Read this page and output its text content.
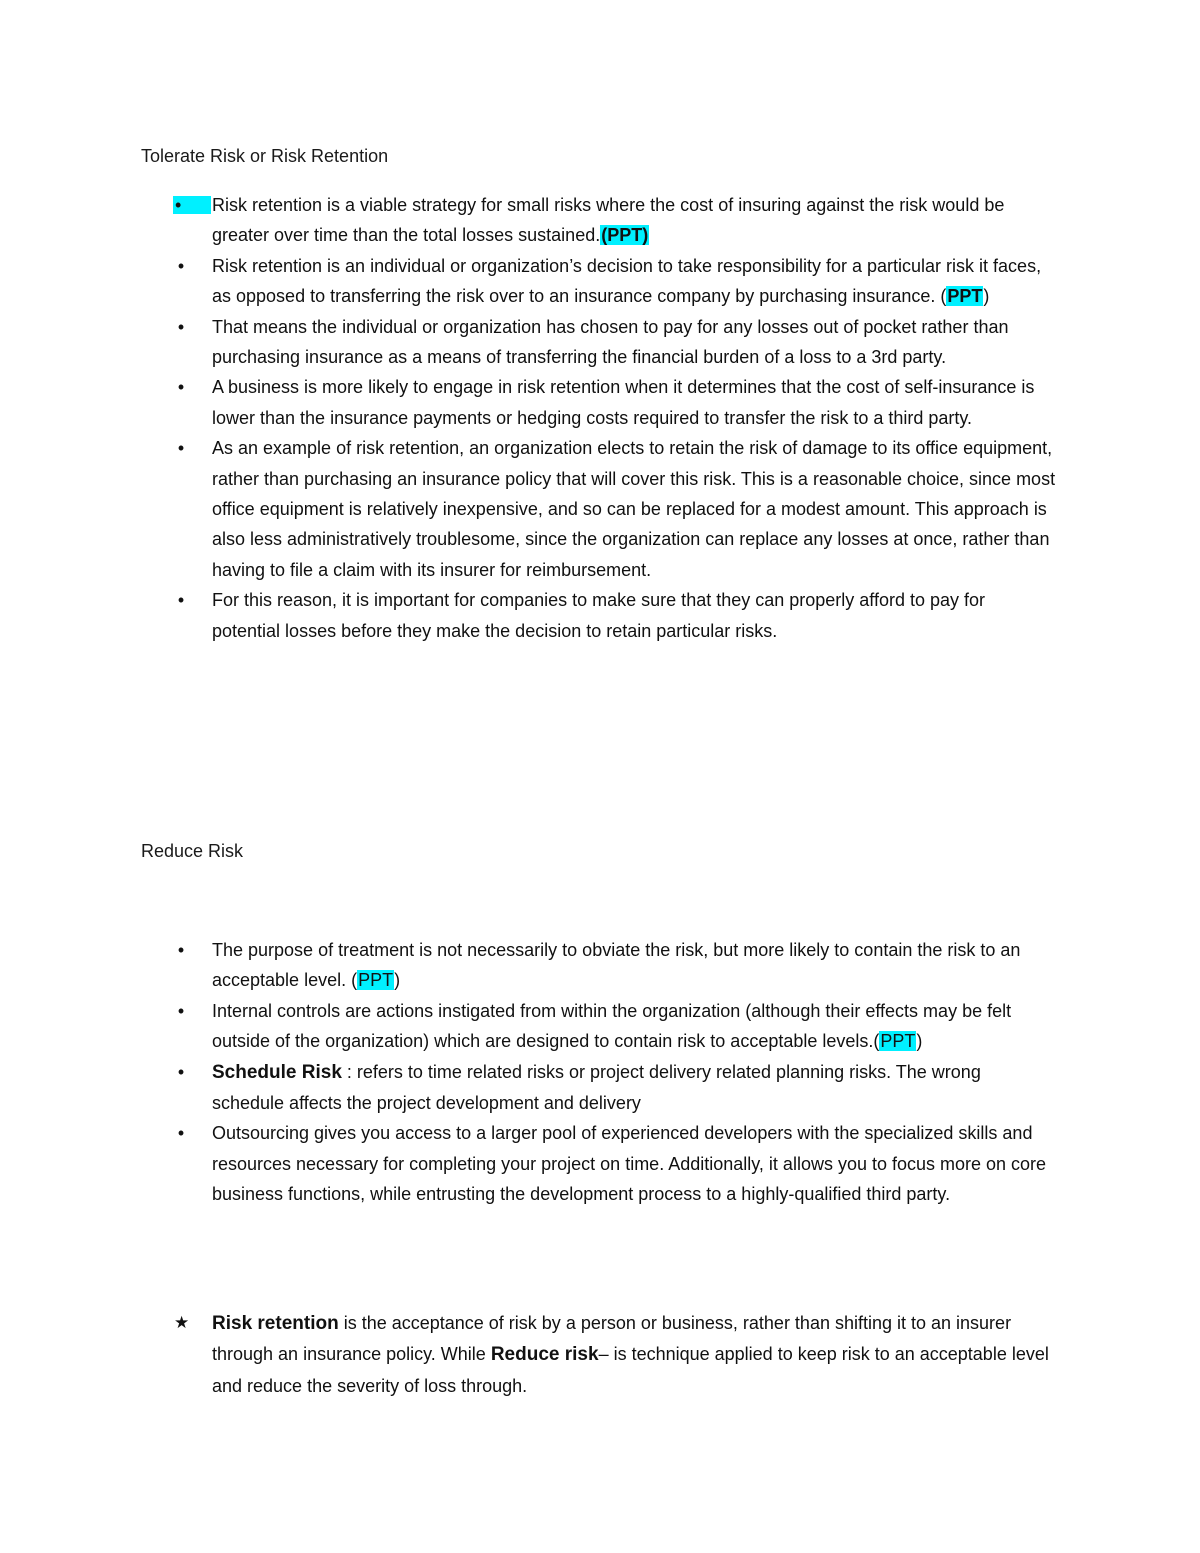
Tolerate Risk or Risk Retention
•	Risk retention is a viable strategy for small risks where the cost of insuring against the risk would be greater over time than the total losses sustained.(PPT)
• Risk retention is an individual or organization’s decision to take responsibility for a particular risk it faces, as opposed to transferring the risk over to an insurance company by purchasing insurance. (PPT)
• That means the individual or organization has chosen to pay for any losses out of pocket rather than purchasing insurance as a means of transferring the financial burden of a loss to a 3rd party.
• A business is more likely to engage in risk retention when it determines that the cost of self-insurance is lower than the insurance payments or hedging costs required to transfer the risk to a third party.
• As an example of risk retention, an organization elects to retain the risk of damage to its office equipment, rather than purchasing an insurance policy that will cover this risk. This is a reasonable choice, since most office equipment is relatively inexpensive, and so can be replaced for a modest amount. This approach is also less administratively troublesome, since the organization can replace any losses at once, rather than having to file a claim with its insurer for reimbursement.
• For this reason, it is important for companies to make sure that they can properly afford to pay for potential losses before they make the decision to retain particular risks.
Reduce Risk
• The purpose of treatment is not necessarily to obviate the risk, but more likely to contain the risk to an acceptable level. (PPT)
• Internal controls are actions instigated from within the organization (although their effects may be felt outside of the organization) which are designed to contain risk to acceptable levels.(PPT)
• Schedule Risk : refers to time related risks or project delivery related planning risks. The wrong schedule affects the project development and delivery
• Outsourcing gives you access to a larger pool of experienced developers with the specialized skills and resources necessary for completing your project on time. Additionally, it allows you to focus more on core business functions, while entrusting the development process to a highly-qualified third party.
★ Risk retention is the acceptance of risk by a person or business, rather than shifting it to an insurer through an insurance policy. While Reduce risk– is technique applied to keep risk to an acceptable level and reduce the severity of loss through.
